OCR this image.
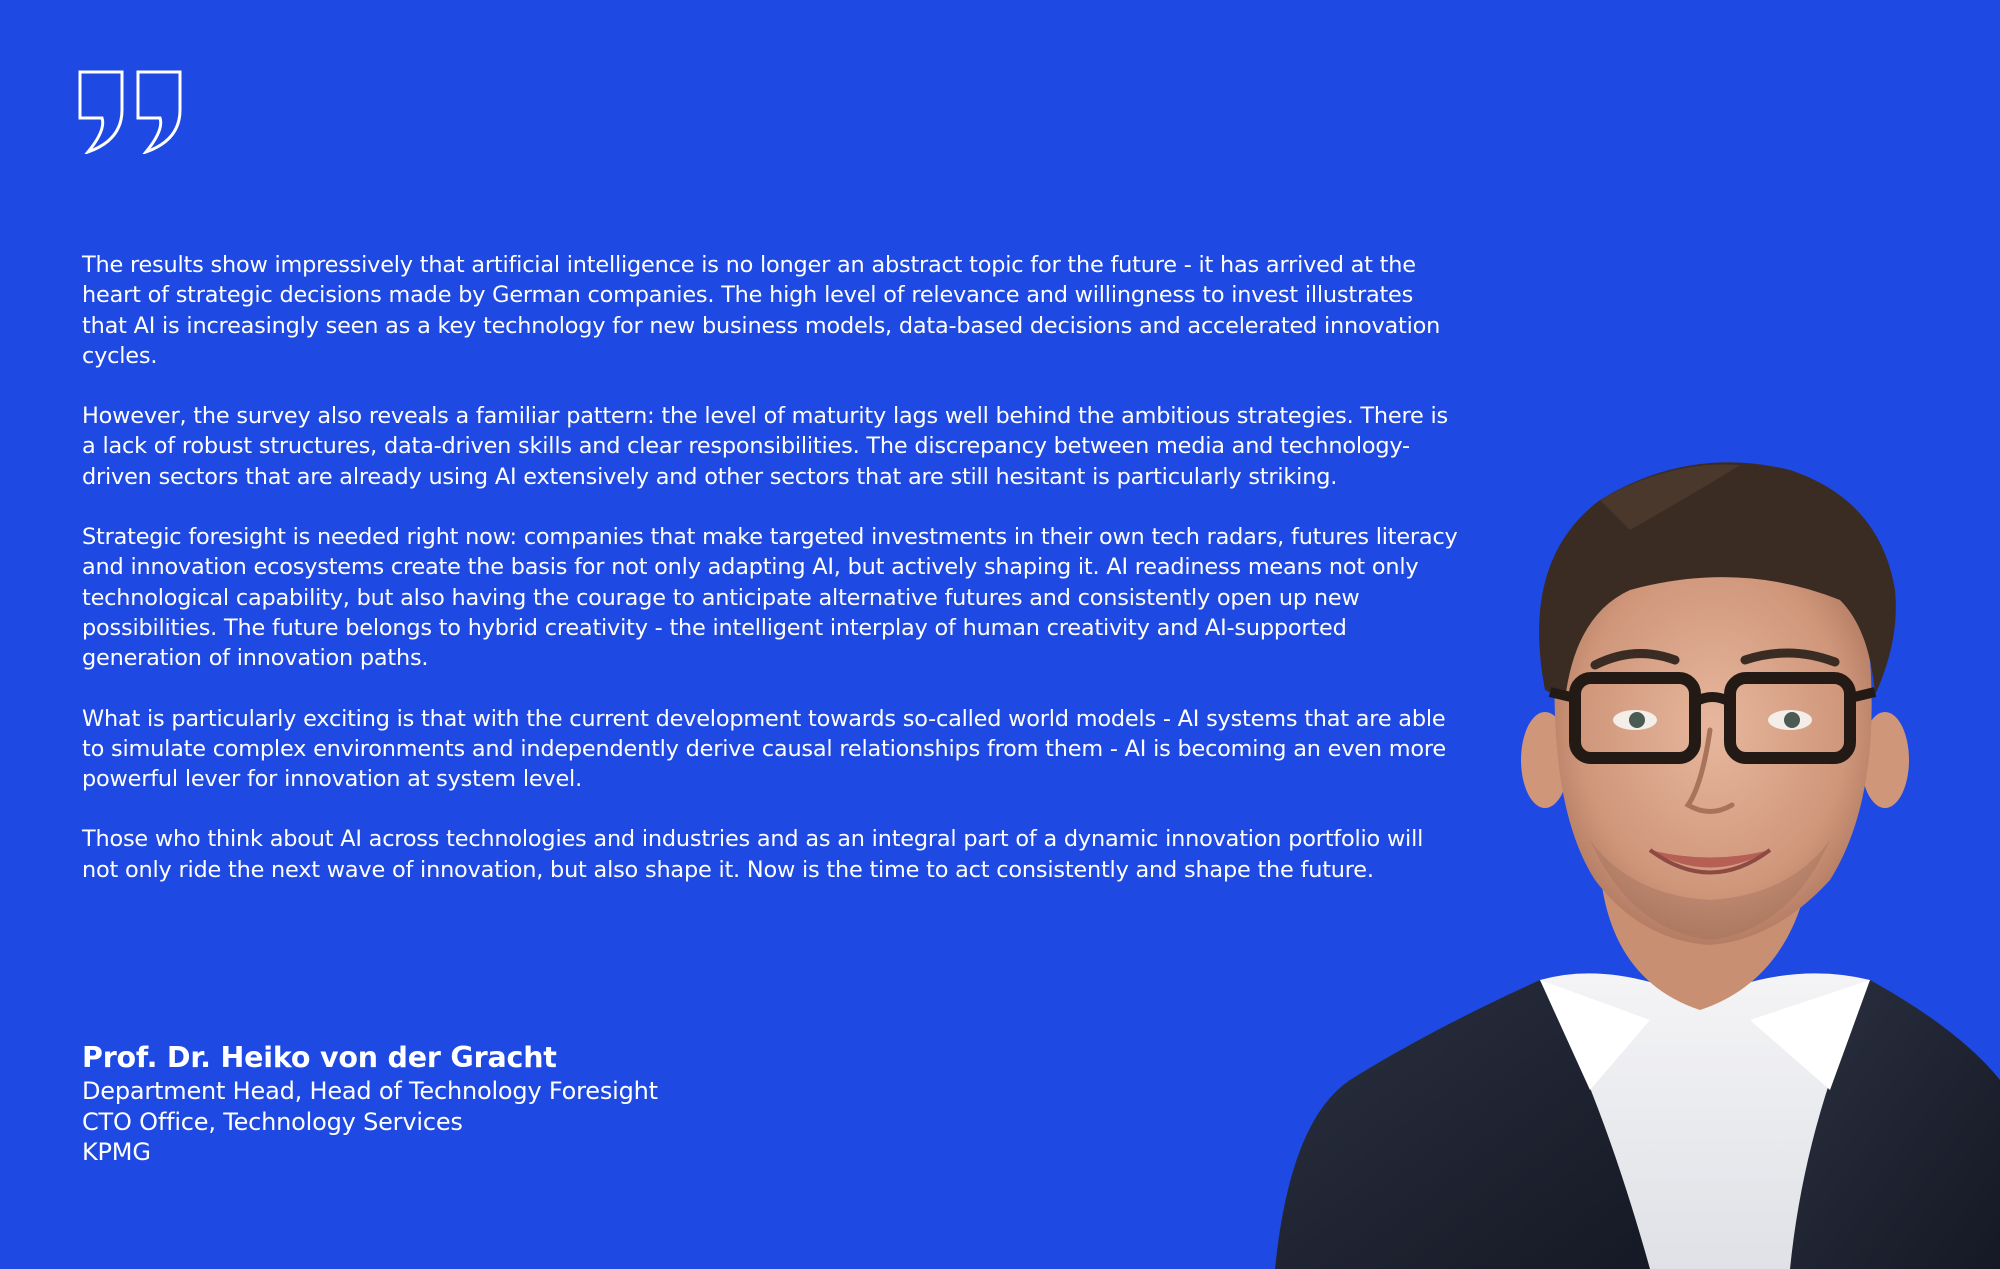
The results show impressively that artificial intelligence is no longer an abstract topic for the future - it has arrived at the heart of strategic decisions made by German companies. The high level of relevance and willingness to invest illustrates that AI is increasingly seen as a key technology for new business models, data-based decisions and accelerated innovation cycles.

However, the survey also reveals a familiar pattern: the level of maturity lags well behind the ambitious strategies. There is a lack of robust structures, data-driven skills and clear responsibilities. The discrepancy between media and technology-driven sectors that are already using AI extensively and other sectors that are still hesitant is particularly striking.

Strategic foresight is needed right now: companies that make targeted investments in their own tech radars, futures literacy and innovation ecosystems create the basis for not only adapting AI, but actively shaping it. AI readiness means not only technological capability, but also having the courage to anticipate alternative futures and consistently open up new possibilities. The future belongs to hybrid creativity - the intelligent interplay of human creativity and AI-supported generation of innovation paths.

What is particularly exciting is that with the current development towards so-called world models - AI systems that are able to simulate complex environments and independently derive causal relationships from them - AI is becoming an even more powerful lever for innovation at system level.

Those who think about AI across technologies and industries and as an integral part of a dynamic innovation portfolio will not only ride the next wave of innovation, but also shape it. Now is the time to act consistently and shape the future.

Prof. Dr. Heiko von der Gracht
Department Head, Head of Technology Foresight
CTO Office, Technology Services
KPMG
